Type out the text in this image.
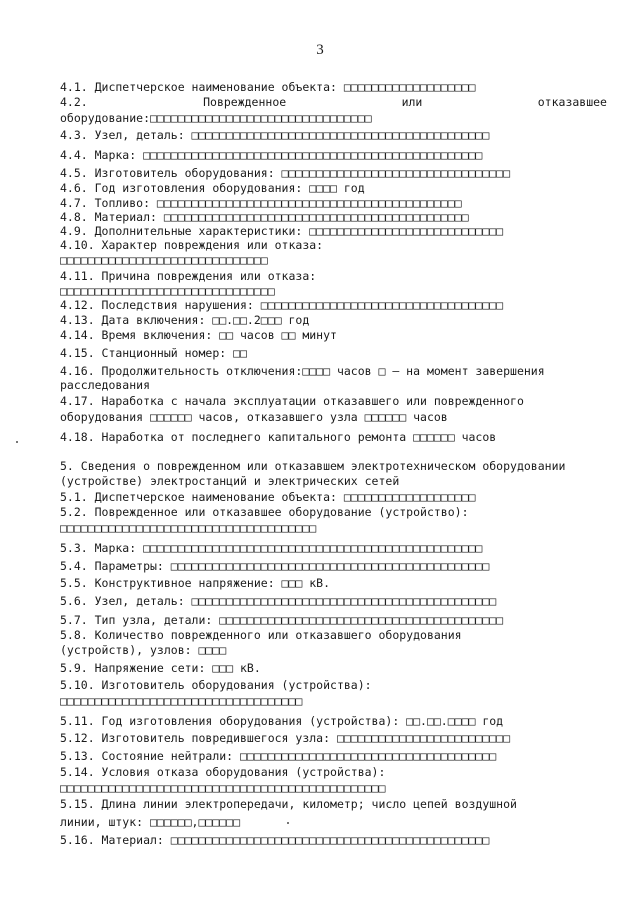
3
4.1. Диспетчерское наименование объекта: □□□□□□□□□□□□□□□□□□□
4.2.	Поврежденное	или	отказавшее
оборудование:□□□□□□□□□□□□□□□□□□□□□□□□□□□□□□□□
4.3. Узел, деталь: □□□□□□□□□□□□□□□□□□□□□□□□□□□□□□□□□□□□□□□□□□□
4.4. Марка: □□□□□□□□□□□□□□□□□□□□□□□□□□□□□□□□□□□□□□□□□□□□□□□□□
4.5. Изготовитель оборудования: □□□□□□□□□□□□□□□□□□□□□□□□□□□□□□□□□
4.6. Год изготовления оборудования: □□□□ год
4.7. Топливо: □□□□□□□□□□□□□□□□□□□□□□□□□□□□□□□□□□□□□□□□□□□□
4.8. Материал: □□□□□□□□□□□□□□□□□□□□□□□□□□□□□□□□□□□□□□□□□□□□
4.9. Дополнительные характеристики: □□□□□□□□□□□□□□□□□□□□□□□□□□□□
4.10. Характер повреждения или отказа:
□□□□□□□□□□□□□□□□□□□□□□□□□□□□□□
4.11. Причина повреждения или отказа:
□□□□□□□□□□□□□□□□□□□□□□□□□□□□□□□
4.12. Последствия нарушения: □□□□□□□□□□□□□□□□□□□□□□□□□□□□□□□□□□□
4.13. Дата включения: □□.□□.2□□□ год
4.14. Время включения: □□ часов □□ минут
4.15. Станционный номер: □□
4.16. Продолжительность отключения:□□□□ часов □ – на момент завершения
расследования
4.17. Наработка с начала эксплуатации отказавшего или поврежденного
оборудования □□□□□□ часов, отказавшего узла □□□□□□ часов
4.18. Наработка от последнего капитального ремонта □□□□□□ часов
5. Сведения о поврежденном или отказавшем электротехническом оборудовании
(устройстве) электростанций и электрических сетей
5.1. Диспетчерское наименование объекта: □□□□□□□□□□□□□□□□□□□
5.2. Поврежденное или отказавшее оборудование (устройство):
□□□□□□□□□□□□□□□□□□□□□□□□□□□□□□□□□□□□□
5.3. Марка: □□□□□□□□□□□□□□□□□□□□□□□□□□□□□□□□□□□□□□□□□□□□□□□□□
5.4. Параметры: □□□□□□□□□□□□□□□□□□□□□□□□□□□□□□□□□□□□□□□□□□□□□□
5.5. Конструктивное напряжение: □□□ кВ.
5.6. Узел, деталь: □□□□□□□□□□□□□□□□□□□□□□□□□□□□□□□□□□□□□□□□□□□□
5.7. Тип узла, детали: □□□□□□□□□□□□□□□□□□□□□□□□□□□□□□□□□□□□□□□□□
5.8. Количество поврежденного или отказавшего оборудования
(устройств), узлов: □□□□
5.9. Напряжение сети: □□□ кВ.
5.10. Изготовитель оборудования (устройства):
□□□□□□□□□□□□□□□□□□□□□□□□□□□□□□□□□□□
5.11. Год изготовления оборудования (устройства): □□.□□.□□□□ год
5.12. Изготовитель повредившегося узла: □□□□□□□□□□□□□□□□□□□□□□□□□
5.13. Состояние нейтрали: □□□□□□□□□□□□□□□□□□□□□□□□□□□□□□□□□□□□□
5.14. Условия отказа оборудования (устройства):
□□□□□□□□□□□□□□□□□□□□□□□□□□□□□□□□□□□□□□□□□□□□□□□
5.15. Длина линии электропередачи, километр; число цепей воздушной
линии, штук: □□□□□□,□□□□□□
5.16. Материал: □□□□□□□□□□□□□□□□□□□□□□□□□□□□□□□□□□□□□□□□□□□□□□
